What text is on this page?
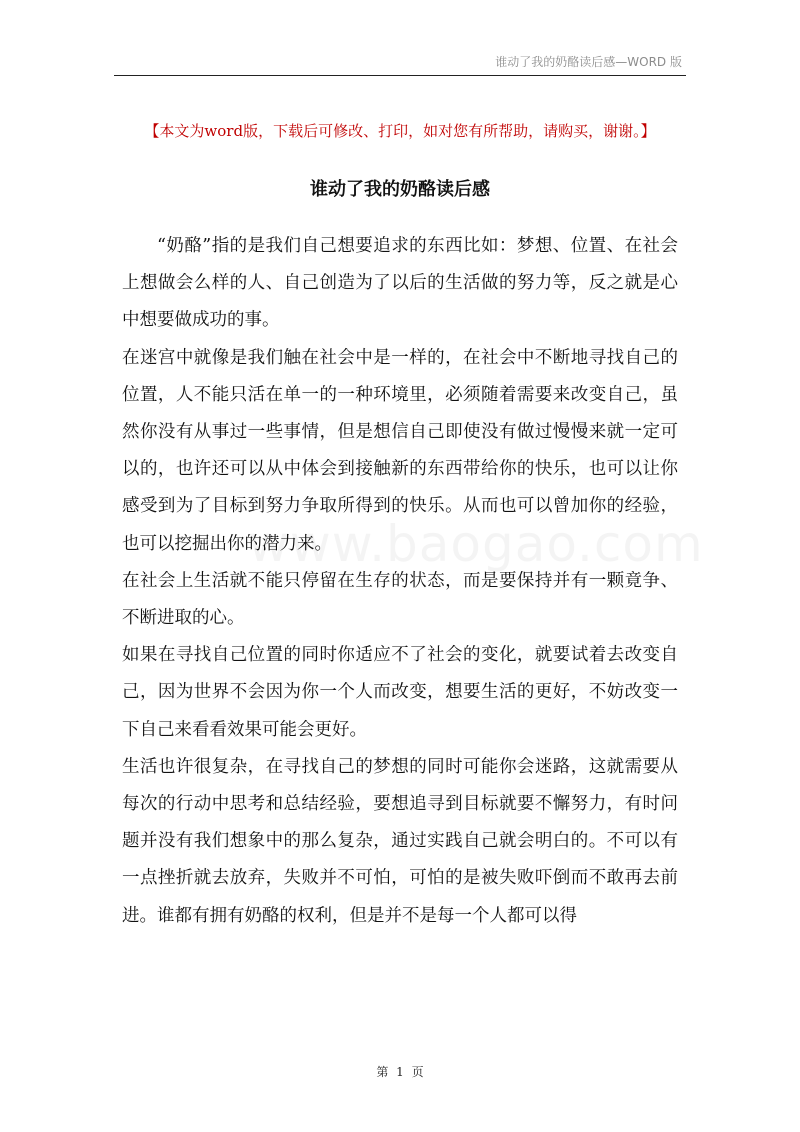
谁动了我的奶酪读后感—WORD 版
【本文为word版，下载后可修改、打印，如对您有所帮助，请购买，谢谢。】
谁动了我的奶酪读后感

“奶酪”指的是我们自己想要追求的东西比如：梦想、位置、在社会上想做会么样的人、自己创造为了以后的生活做的努力等，反之就是心中想要做成功的事。

在迷宫中就像是我们触在社会中是一样的，在社会中不断地寻找自己的位置，人不能只活在单一的一种环境里，必须随着需要来改变自己，虽然你没有从事过一些事情，但是想信自己即使没有做过慢慢来就一定可以的，也许还可以从中体会到接触新的东西带给你的快乐，也可以让你感受到为了目标到努力争取所得到的快乐。从而也可以曾加你的经验，也可以挖掘出你的潜力来。

在社会上生活就不能只停留在生存的状态，而是要保持并有一颗竟争、不断进取的心。

如果在寻找自己位置的同时你适应不了社会的变化，就要试着去改变自己，因为世界不会因为你一个人而改变，想要生活的更好，不妨改变一下自己来看看效果可能会更好。

生活也许很复杂，在寻找自己的梦想的同时可能你会迷路，这就需要从每次的行动中思考和总结经验，要想追寻到目标就要不懈努力，有时问题并没有我们想象中的那么复杂，通过实践自己就会明白的。不可以有一点挫折就去放弃，失败并不可怕，可怕的是被失败吓倒而不敢再去前进。谁都有拥有奶酪的权利，但是并不是每一个人都可以得

第 1 页
